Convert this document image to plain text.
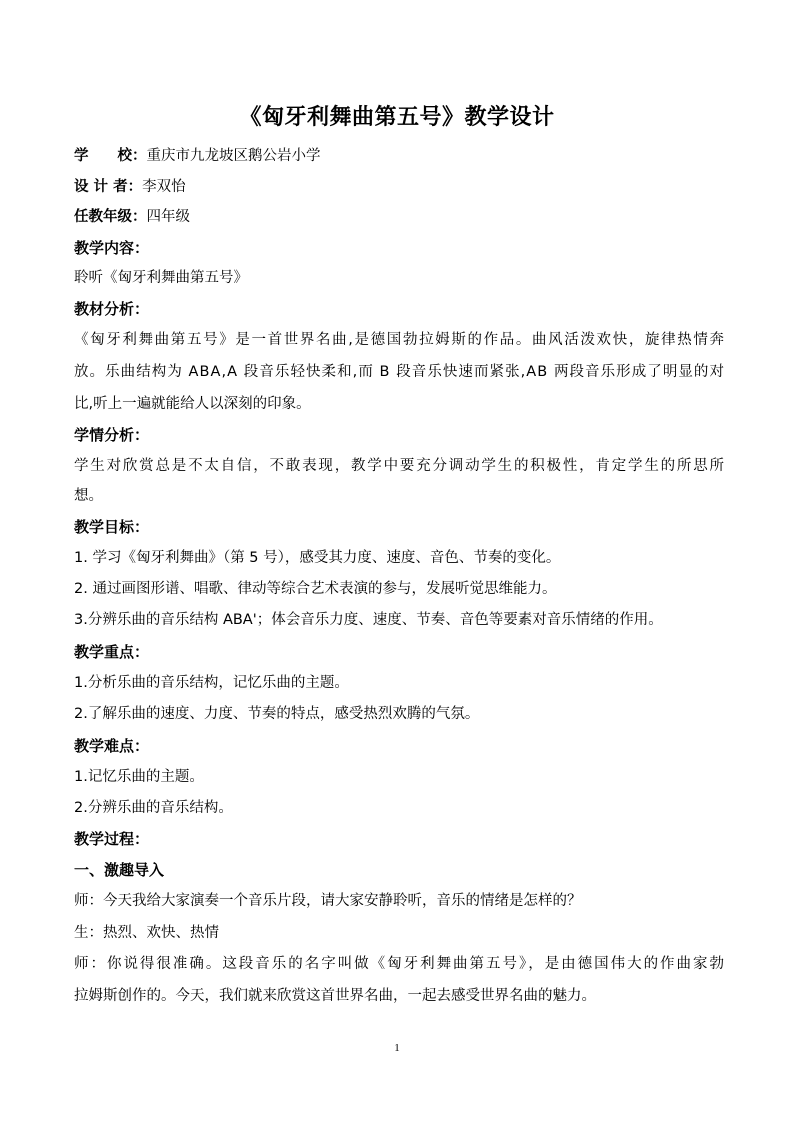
《匈牙利舞曲第五号》教学设计
学　　校：重庆市九龙坡区鹅公岩小学
设 计 者：李双怡
任教年级：四年级
教学内容：
聆听《匈牙利舞曲第五号》
教材分析：
《匈牙利舞曲第五号》是一首世界名曲,是德国勃拉姆斯的作品。曲风活泼欢快，旋律热情奔
放。乐曲结构为 ABA,A 段音乐轻快柔和,而 B 段音乐快速而紧张,AB 两段音乐形成了明显的对
比,听上一遍就能给人以深刻的印象。
学情分析：
学生对欣赏总是不太自信，不敢表现，教学中要充分调动学生的积极性，肯定学生的所思所
想。
教学目标：
1. 学习《匈牙利舞曲》（第 5 号），感受其力度、速度、音色、节奏的变化。
2. 通过画图形谱、唱歌、律动等综合艺术表演的参与，发展听觉思维能力。
3.分辨乐曲的音乐结构 ABA'；体会音乐力度、速度、节奏、音色等要素对音乐情绪的作用。
教学重点：
1.分析乐曲的音乐结构，记忆乐曲的主题。
2.了解乐曲的速度、力度、节奏的特点，感受热烈欢腾的气氛。
教学难点：
1.记忆乐曲的主题。
2.分辨乐曲的音乐结构。
教学过程：
一、激趣导入
师：今天我给大家演奏一个音乐片段，请大家安静聆听，音乐的情绪是怎样的？
生：热烈、欢快、热情
师：你说得很准确。这段音乐的名字叫做《匈牙利舞曲第五号》，是由德国伟大的作曲家勃
拉姆斯创作的。今天，我们就来欣赏这首世界名曲，一起去感受世界名曲的魅力。
1
